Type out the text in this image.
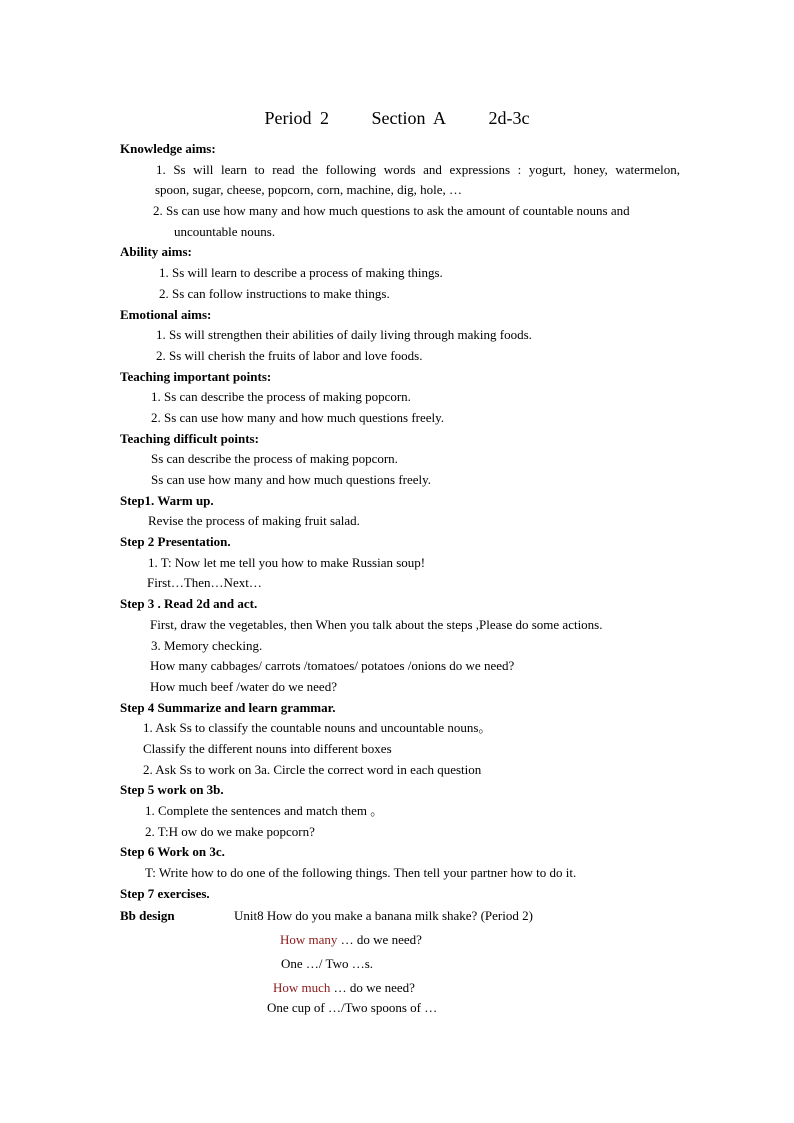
Period 2 Section A 2d-3c
Knowledge aims:
1. Ss will learn to read the following words and expressions : yogurt, honey, watermelon,
spoon, sugar, cheese, popcorn, corn, machine, dig, hole, …
2. Ss can use how many and how much questions to ask the amount of countable nouns and
uncountable nouns.
Ability aims:
1. Ss will learn to describe a process of making things.
2. Ss can follow instructions to make things.
Emotional aims:
1. Ss will strengthen their abilities of daily living through making foods.
2. Ss will cherish the fruits of labor and love foods.
Teaching important points:
1. Ss can describe the process of making popcorn.
2. Ss can use how many and how much questions freely.
Teaching difficult points:
Ss can describe the process of making popcorn.
Ss can use how many and how much questions freely.
Step1. Warm up.
Revise the process of making fruit salad.
Step 2 Presentation.
1. T: Now let me tell you how to make Russian soup!
First…Then…Next…
Step 3 . Read 2d and act.
First, draw the vegetables, then When you talk about the steps ,Please do some actions.
3. Memory checking.
How many cabbages/ carrots /tomatoes/ potatoes /onions do we need?
How much beef /water do we need?
Step 4 Summarize and learn grammar.
1. Ask Ss to classify the countable nouns and uncountable nouns。
Classify the different nouns into different boxes
2. Ask Ss to work on 3a. Circle the correct word in each question
Step 5 work on 3b.
1. Complete the sentences and match them 。
2. T:H ow do we make popcorn?
Step 6 Work on 3c.
T: Write how to do one of the following things. Then tell your partner how to do it.
Step 7 exercises.
Bb design	Unit8 How do you make a banana milk shake? (Period 2)
How many … do we need?
One …/ Two …s.
How much … do we need?
One cup of …/Two spoons of …
